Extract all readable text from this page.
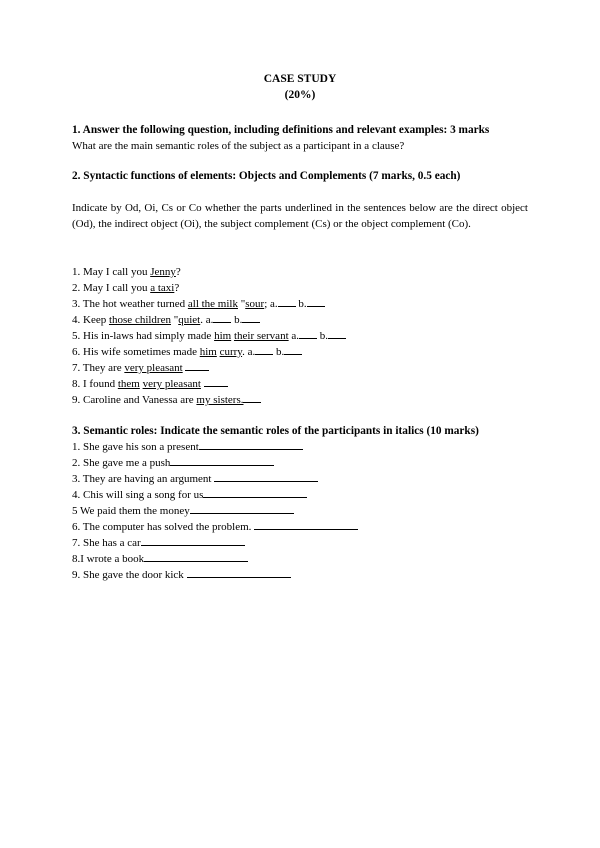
CASE STUDY
(20%)
1. Answer the following question, including definitions and relevant examples: 3 marks
What are the main semantic roles of the subject as a participant in a clause?
2. Syntactic functions of elements: Objects and Complements (7 marks, 0.5 each)
Indicate by Od, Oi, Cs or Co whether the parts underlined in the sentences below are the direct object (Od), the indirect object (Oi), the subject complement (Cs) or the object complement (Co).
1. May I call you Jenny?
2. May I call you a taxi?
3. The hot weather turned all the milk "sour; a. b.
4. Keep those children "quiet. a. b.
5. His in-laws had simply made him their servant a. b.
6. His wife sometimes made him curry. a. b.
7. They are very pleasant
8. I found them very pleasant
9. Caroline and Vanessa are my sisters.
3. Semantic roles: Indicate the semantic roles of the participants in italics (10 marks)
1. She gave his son a present
2. She gave me a push
3. They are having an argument
4. Chis will sing a song for us
5 We paid them the money
6. The computer has solved the problem.
7. She has a car
8.I wrote a book
9. She gave the door kick
